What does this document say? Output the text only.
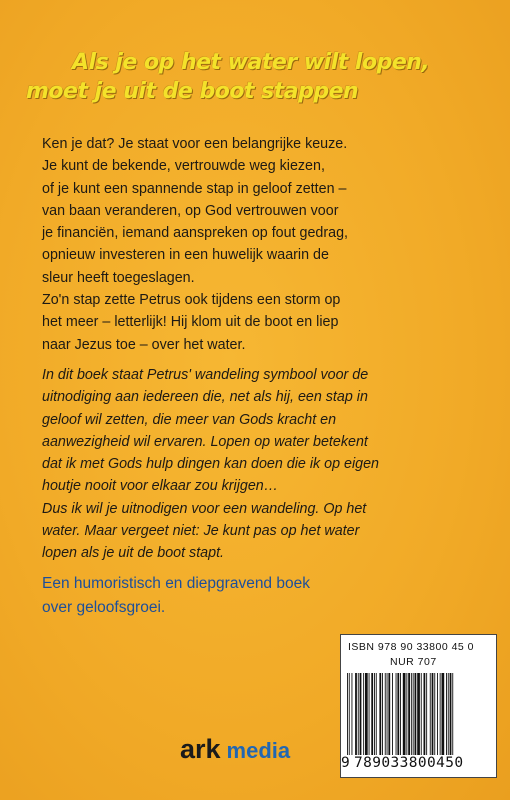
Als je op het water wilt lopen,
moet je uit de boot stappen
Ken je dat? Je staat voor een belangrijke keuze.
Je kunt de bekende, vertrouwde weg kiezen,
of je kunt een spannende stap in geloof zetten –
van baan veranderen, op God vertrouwen voor
je financiën, iemand aanspreken op fout gedrag,
opnieuw investeren in een huwelijk waarin de
sleur heeft toegeslagen.
Zo'n stap zette Petrus ook tijdens een storm op
het meer – letterlijk! Hij klom uit de boot en liep
naar Jezus toe – over het water.
In dit boek staat Petrus' wandeling symbool voor de
uitnodiging aan iedereen die, net als hij, een stap in
geloof wil zetten, die meer van Gods kracht en
aanwezigheid wil ervaren. Lopen op water betekent
dat ik met Gods hulp dingen kan doen die ik op eigen
houtje nooit voor elkaar zou krijgen…
Dus ik wil je uitnodigen voor een wandeling. Op het
water. Maar vergeet niet: Je kunt pas op het water
lopen als je uit de boot stapt.
Een humoristisch en diepgravend boek
over geloofsgroei.
ISBN 978 90 33800 45 0
NUR 707
9 789033800450
ark media
